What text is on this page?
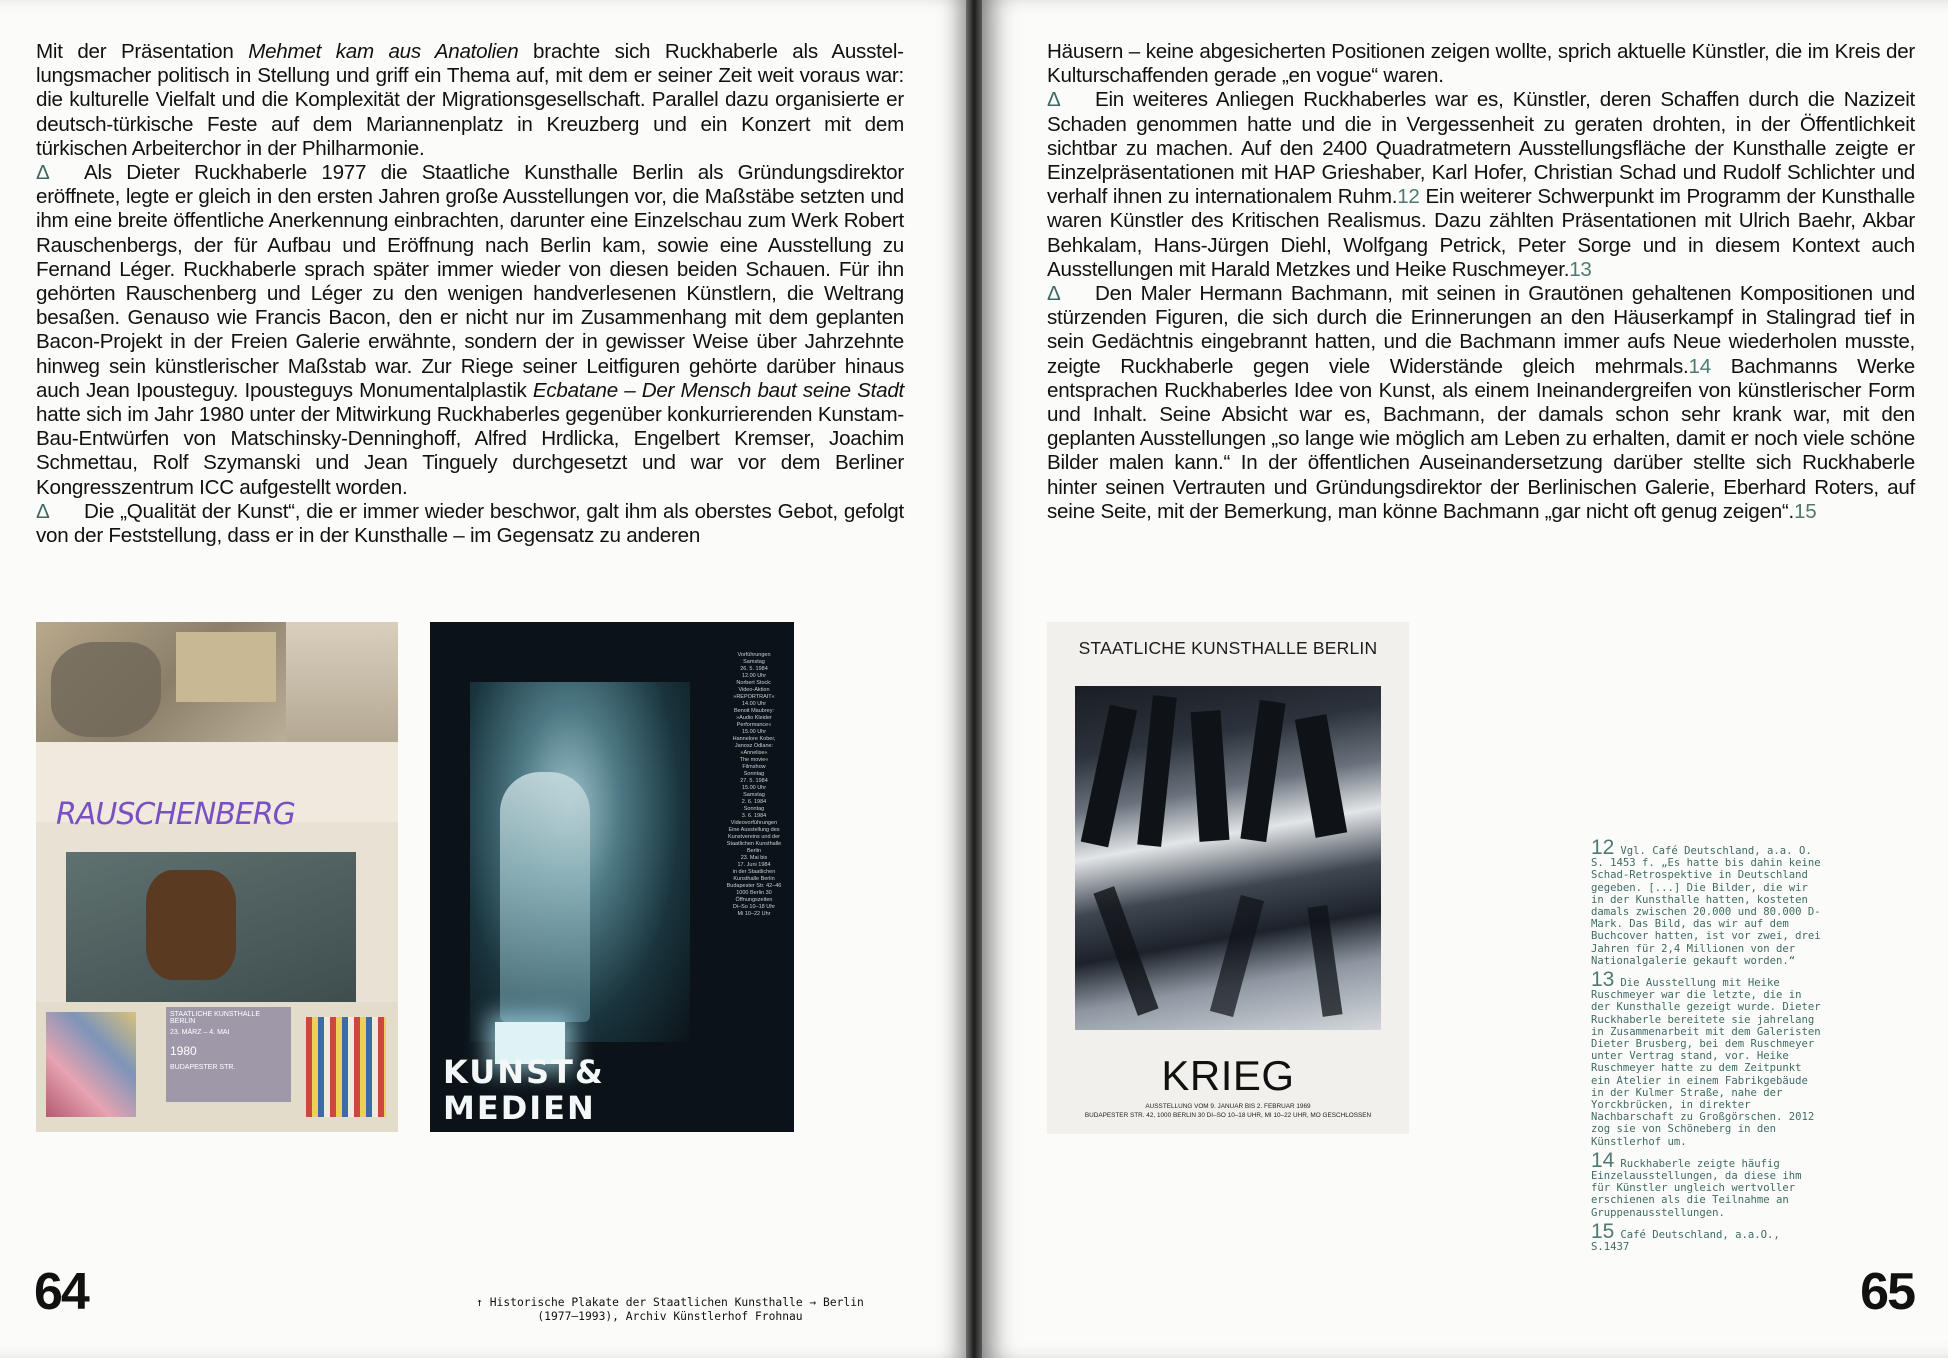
Mit der Präsentation Mehmet kam aus Anatolien brachte sich Ruckhaberle als Ausstellungsmacher politisch in Stellung und griff ein Thema auf, mit dem er seiner Zeit weit voraus war: die kulturelle Vielfalt und die Komplexität der Migrationsgesellschaft. Parallel dazu organisierte er deutsch-türkische Feste auf dem Mariannenplatz in Kreuzberg und ein Konzert mit dem türkischen Arbeiterchor in der Philharmonie.

Δ Als Dieter Ruckhaberle 1977 die Staatliche Kunsthalle Berlin als Gründungsdirektor eröffnete, legte er gleich in den ersten Jahren große Ausstellungen vor, die Maßstäbe setzten und ihm eine breite öffentliche Anerkennung einbrachten, darunter eine Einzelschau zum Werk Robert Rauschenbergs, der für Aufbau und Eröffnung nach Berlin kam, sowie eine Ausstellung zu Fernand Léger. Ruckhaberle sprach später immer wieder von diesen beiden Schauen. Für ihn gehörten Rauschenberg und Léger zu den wenigen handverlesenen Künstlern, die Weltrang besaßen. Genauso wie Francis Bacon, den er nicht nur im Zusammenhang mit dem geplanten Bacon-Projekt in der Freien Galerie erwähnte, sondern der in gewisser Weise über Jahrzehnte hinweg sein künstlerischer Maßstab war. Zur Riege seiner Leitfiguren gehörte darüber hinaus auch Jean Ipousteguy. Ipousteguys Monumentalplastik Ecbatane – Der Mensch baut seine Stadt hatte sich im Jahr 1980 unter der Mitwirkung Ruckhaberles gegenüber konkurrierenden Kunstam-Bau-Entwürfen von Matschinsky-Denninghoff, Alfred Hrdlicka, Engelbert Kremser, Joachim Schmettau, Rolf Szymanski und Jean Tinguely durchgesetzt und war vor dem Berliner Kongresszentrum ICC aufgestellt worden.

Δ Die „Qualität der Kunst“, die er immer wieder beschwor, galt ihm als oberstes Gebot, gefolgt von der Feststellung, dass er in der Kunsthalle – im Gegensatz zu anderen

RAUSCHENBERG
STAATLICHE KUNSTHALLE BERLIN
23. MÄRZ – 4. MAI
1980
BUDAPESTER STR.	KUNST&
MEDIEN
Vorführungen
Samstag
26. 5. 1984
12.00 Uhr
Norbert Stock:
Video-Aktion
»REPORTRAIT«
14.00 Uhr
Benoit Maubrey:
»Audio Kleider
Performance«
15.00 Uhr
Hannelore Kober,
Janosz Odlane:
»Annelise«
The movie«
Filmshow
Sonntag
27. 5. 1984
15.00 Uhr
Samstag
2. 6. 1984
Sonntag
3. 6. 1984
Videovorführungen
Eine Ausstellung des Kunstvereins und der Staatlichen Kunsthalle Berlin
23. Mai bis
17. Juni 1984
in der Staatlichen
Kunsthalle Berlin
Budapester Str. 42–46
1000 Berlin 30
Öffnungszeiten
Di–So 10–18 Uhr
Mi 10–22 Uhr
↑ Historische Plakate der Staatlichen Kunsthalle → Berlin (1977–1993), Archiv Künstlerhof Frohnau
64

Häusern – keine abgesicherten Positionen zeigen wollte, sprich aktuelle Künstler, die im Kreis der Kulturschaffenden gerade „en vogue“ waren.

Δ Ein weiteres Anliegen Ruckhaberles war es, Künstler, deren Schaffen durch die Nazizeit Schaden genommen hatte und die in Vergessenheit zu geraten drohten, in der Öffentlichkeit sichtbar zu machen. Auf den 2400 Quadratmetern Ausstellungsfläche der Kunsthalle zeigte er Einzelpräsentationen mit HAP Grieshaber, Karl Hofer, Christian Schad und Rudolf Schlichter und verhalf ihnen zu internationalem Ruhm.12 Ein weiterer Schwerpunkt im Programm der Kunsthalle waren Künstler des Kritischen Realismus. Dazu zählten Präsentationen mit Ulrich Baehr, Akbar Behkalam, Hans-Jürgen Diehl, Wolfgang Petrick, Peter Sorge und in diesem Kontext auch Ausstellungen mit Harald Metzkes und Heike Ruschmeyer.13

Δ Den Maler Hermann Bachmann, mit seinen in Grautönen gehaltenen Kompositionen und stürzenden Figuren, die sich durch die Erinnerungen an den Häuserkampf in Stalingrad tief in sein Gedächtnis eingebrannt hatten, und die Bachmann immer aufs Neue wiederholen musste, zeigte Ruckhaberle gegen viele Widerstände gleich mehrmals.14 Bachmanns Werke entsprachen Ruckhaberles Idee von Kunst, als einem Ineinandergreifen von künstlerischer Form und Inhalt. Seine Absicht war es, Bachmann, der damals schon sehr krank war, mit den geplanten Ausstellungen „so lange wie möglich am Leben zu erhalten, damit er noch viele schöne Bilder malen kann.“ In der öffentlichen Auseinandersetzung darüber stellte sich Ruckhaberle hinter seinen Vertrauten und Gründungsdirektor der Berlinischen Galerie, Eberhard Roters, auf seine Seite, mit der Bemerkung, man könne Bachmann „gar nicht oft genug zeigen“.15

STAATLICHE KUNSTHALLE BERLIN
KRIEG
AUSSTELLUNG VOM 9. JANUAR BIS 2. FEBRUAR 1969
BUDAPESTER STR. 42, 1000 BERLIN 30 DI–SO 10–18 UHR, MI 10–22 UHR, MO GESCHLOSSEN
12 Vgl. Café Deutschland, a.a. O. S. 1453 f. „Es hatte bis dahin keine Schad-Retrospektive in Deutschland gegeben. [...] Die Bilder, die wir in der Kunsthalle hatten, kosteten damals zwischen 20.000 und 80.000 D-Mark. Das Bild, das wir auf dem Buchcover hatten, ist vor zwei, drei Jahren für 2,4 Millionen von der Nationalgalerie gekauft worden.“
13 Die Ausstellung mit Heike Ruschmeyer war die letzte, die in der Kunsthalle gezeigt wurde. Dieter Ruckhaberle bereitete sie jahrelang in Zusammenarbeit mit dem Galeristen Dieter Brusberg, bei dem Ruschmeyer unter Vertrag stand, vor. Heike Ruschmeyer hatte zu dem Zeitpunkt ein Atelier in einem Fabrikgebäude in der Kulmer Straße, nahe der Yorckbrücken, in direkter Nachbarschaft zu Großgörschen. 2012 zog sie von Schöneberg in den Künstlerhof um.
14 Ruckhaberle zeigte häufig Einzelausstellungen, da diese ihm für Künstler ungleich wertvoller erschienen als die Teilnahme an Gruppenausstellungen.
15 Café Deutschland, a.a.O., S.1437
65
